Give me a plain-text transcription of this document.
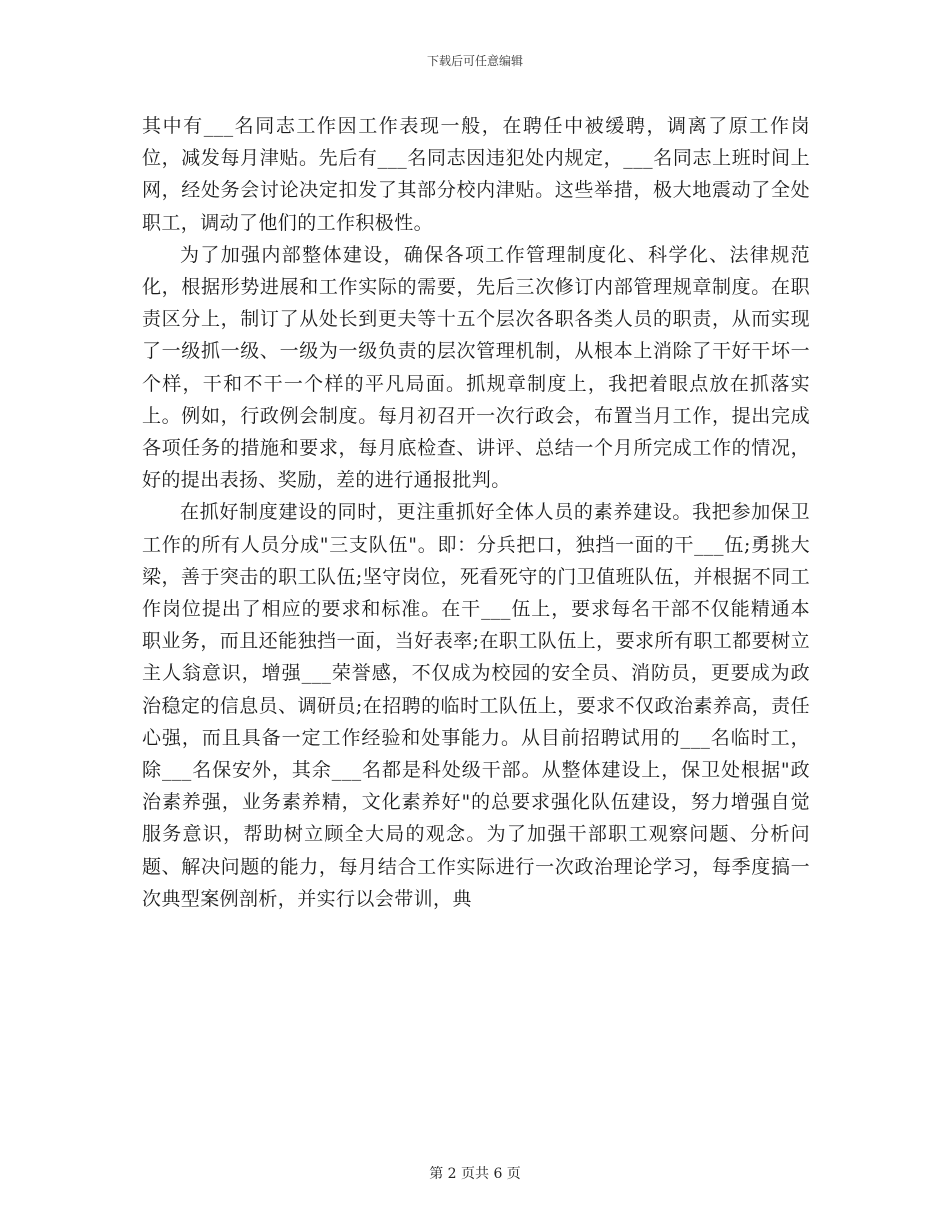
下载后可任意编辑

其中有___名同志工作因工作表现一般，在聘任中被缓聘，调离了原工作岗位，减发每月津贴。先后有___名同志因违犯处内规定，___名同志上班时间上网，经处务会讨论决定扣发了其部分校内津贴。这些举措，极大地震动了全处职工，调动了他们的工作积极性。

为了加强内部整体建设，确保各项工作管理制度化、科学化、法律规范化，根据形势进展和工作实际的需要，先后三次修订内部管理规章制度。在职责区分上，制订了从处长到更夫等十五个层次各职各类人员的职责，从而实现了一级抓一级、一级为一级负责的层次管理机制，从根本上消除了干好干坏一个样，干和不干一个样的平凡局面。抓规章制度上，我把着眼点放在抓落实上。例如，行政例会制度。每月初召开一次行政会，布置当月工作，提出完成各项任务的措施和要求，每月底检查、讲评、总结一个月所完成工作的情况，好的提出表扬、奖励，差的进行通报批判。

在抓好制度建设的同时，更注重抓好全体人员的素养建设。我把参加保卫工作的所有人员分成"三支队伍"。即：分兵把口，独挡一面的干___伍;勇挑大梁，善于突击的职工队伍;坚守岗位，死看死守的门卫值班队伍，并根据不同工作岗位提出了相应的要求和标准。在干___伍上，要求每名干部不仅能精通本职业务，而且还能独挡一面，当好表率;在职工队伍上，要求所有职工都要树立主人翁意识，增强___荣誉感，不仅成为校园的安全员、消防员，更要成为政治稳定的信息员、调研员;在招聘的临时工队伍上，要求不仅政治素养高，责任心强，而且具备一定工作经验和处事能力。从目前招聘试用的___名临时工，除___名保安外，其余___名都是科处级干部。从整体建设上，保卫处根据"政治素养强，业务素养精，文化素养好"的总要求强化队伍建设，努力增强自觉服务意识，帮助树立顾全大局的观念。为了加强干部职工观察问题、分析问题、解决问题的能力，每月结合工作实际进行一次政治理论学习，每季度搞一次典型案例剖析，并实行以会带训，典

第 2 页共 6 页
